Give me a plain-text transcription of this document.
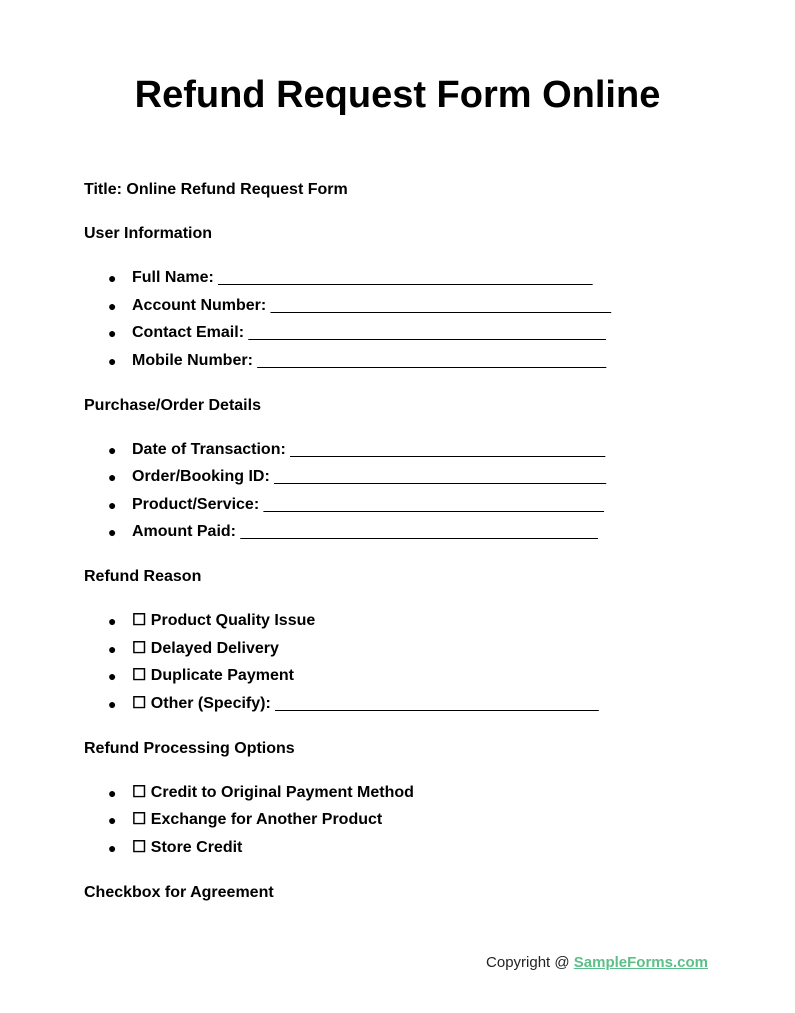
Refund Request Form Online

Title: Online Refund Request Form

User Information

● Full Name: ____________________________________________
● Account Number: ________________________________________
● Contact Email: __________________________________________
● Mobile Number: _________________________________________

Purchase/Order Details

● Date of Transaction: _____________________________________
● Order/Booking ID: _______________________________________
● Product/Service: ________________________________________
● Amount Paid: __________________________________________

Refund Reason

● ☐ Product Quality Issue
● ☐ Delayed Delivery
● ☐ Duplicate Payment
● ☐ Other (Specify): ______________________________________

Refund Processing Options

● ☐ Credit to Original Payment Method
● ☐ Exchange for Another Product
● ☐ Store Credit

Checkbox for Agreement

Copyright @ SampleForms.com
